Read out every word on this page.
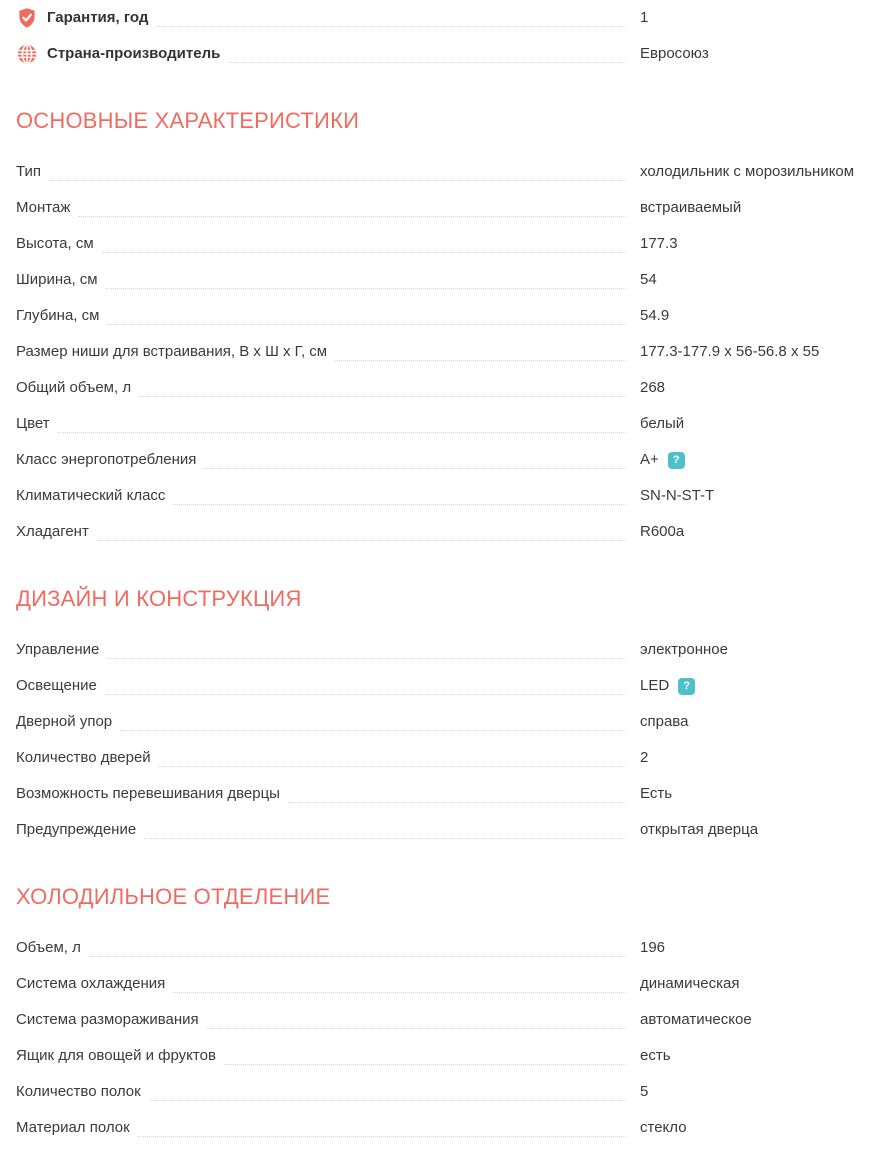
Гарантия, год	1
Страна-производитель	Евросоюз
ОСНОВНЫЕ ХАРАКТЕРИСТИКИ
Тип	холодильник с морозильником
Монтаж	встраиваемый
Высота, см	177.3
Ширина, см	54
Глубина, см	54.9
Размер ниши для встраивания, В х Ш х Г, см	177.3-177.9 х 56-56.8 х 55
Общий объем, л	268
Цвет	белый
Класс энергопотребления	A+	?
Климатический класс	SN-N-ST-T
Хладагент	R600a
ДИЗАЙН И КОНСТРУКЦИЯ
Управление	электронное
Освещение	LED	?
Дверной упор	справа
Количество дверей	2
Возможность перевешивания дверцы	Есть
Предупреждение	открытая дверца
ХОЛОДИЛЬНОЕ ОТДЕЛЕНИЕ
Объем, л	196
Система охлаждения	динамическая
Система размораживания	автоматическое
Ящик для овощей и фруктов	есть
Количество полок	5
Материал полок	стекло
